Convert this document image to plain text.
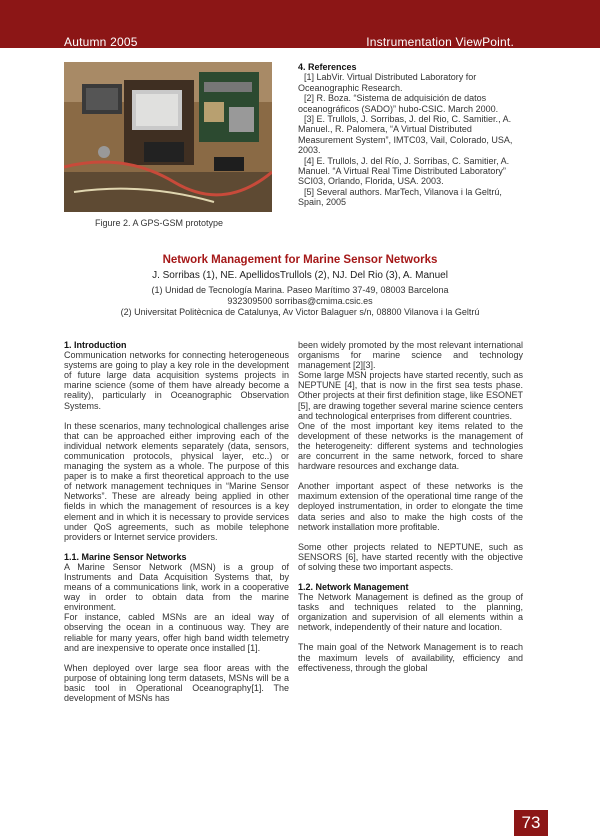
Autumn 2005	Instrumentation ViewPoint.
Figure 2. A GPS-GSM prototype
4. References
[1] LabVir. Virtual Distributed Laboratory for Oceanographic Research.
[2] R. Boza. “Sistema de adquisición de datos oceanográficos (SADO)” hubo-CSIC. March 2000.
[3] E. Trullols, J. Sorribas, J. del Rio, C. Samitier., A. Manuel., R. Palomera, “A Virtual Distributed Measurement System”, IMTC03, Vail, Colorado, USA, 2003.
[4] E. Trullols, J. del Río, J. Sorribas, C. Samitier, A. Manuel. “A Virtual Real Time Distributed Laboratory” SCI03, Orlando, Florida, USA. 2003.
[5] Several authors. MarTech, Vilanova i la Geltrú, Spain, 2005
Network Management for Marine Sensor Networks
J. Sorribas (1), NE. ApellidosTrullols (2), NJ. Del Rio (3), A. Manuel
(1) Unidad de Tecnología Marina. Paseo Marítimo 37-49, 08003 Barcelona
932309500 sorribas@cmima.csic.es
(2) Universitat Politècnica de Catalunya, Av Victor Balaguer s/n, 08800 Vilanova i la Geltrú

1. Introduction

Communication networks for connecting heterogeneous systems are going to play a key role in the development of future large data acquisition systems projects in marine science (some of them have already become a reality), particularly in Oceanographic Observation Systems.

In these scenarios, many technological challenges arise that can be approached either improving each of the individual network elements separately (data, sensors, communication protocols, physical layer, etc..) or managing the system as a whole. The purpose of this paper is to make a first theoretical approach to the use of network management techniques in “Marine Sensor Networks”. These are already being applied in other fields in which the management of resources is a key element and in which it is necessary to provide services under QoS agreements, such as mobile telephone providers or Internet service providers.

1.1. Marine Sensor Networks

A Marine Sensor Network (MSN) is a group of Instruments and Data Acquisition Systems that, by means of a communications link, work in a cooperative way in order to obtain data from the marine environment.

For instance, cabled MSNs are an ideal way of observing the ocean in a continuous way. They are reliable for many years, offer high band width telemetry and are inexpensive to operate once installed [1].

When deployed over large sea floor areas with the purpose of obtaining long term datasets, MSNs will be a basic tool in Operational Oceanography[1]. The development of MSNs has

been widely promoted by the most relevant international organisms for marine science and technology management [2][3].

Some large MSN projects have started recently, such as NEPTUNE [4], that is now in the first sea tests phase. Other projects at their first definition stage, like ESONET [5], are drawing together several marine science centers and technological enterprises from different countries.

One of the most important key items related to the development of these networks is the management of the heterogeneity: different systems and technologies are concurrent in the same network, forced to share hardware resources and exchange data.

Another important aspect of these networks is the maximum extension of the operational time range of the deployed instrumentation, in order to elongate the time data series and also to make the high costs of the network installation more profitable.

Some other projects related to NEPTUNE, such as SENSORS [6], have started recently with the objective of solving these two important aspects.

1.2. Network Management

The Network Management is defined as the group of tasks and techniques related to the planning, organization and supervision of all elements within a network, independently of their nature and location.

The main goal of the Network Management is to reach the maximum levels of availability, efficiency and effectiveness, through the global

73
